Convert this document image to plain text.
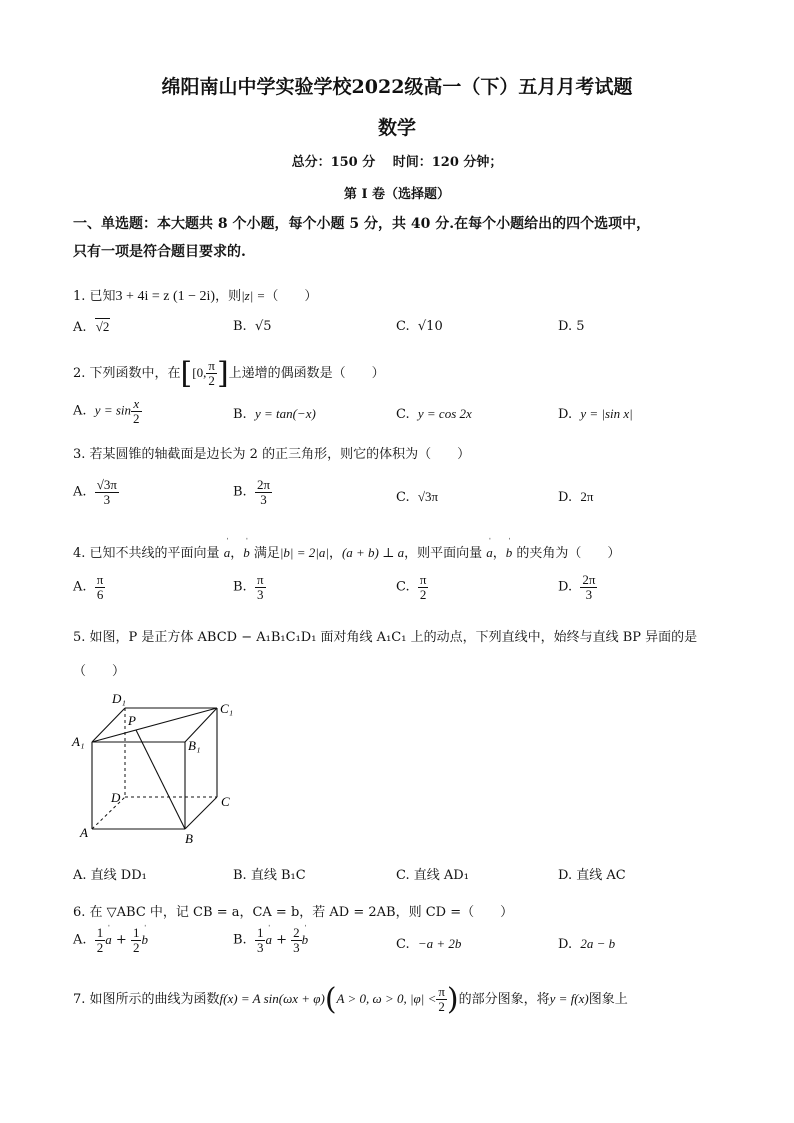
绵阳南山中学实验学校2022级高一（下）五月月考试题
数学
总分：150 分　 时间：120 分钟；
第 I 卷（选择题）
一、单选题：本大题共 8 个小题，每个小题 5 分，共 40 分.在每个小题给出的四个选项中，
只有一项是符合题目要求的.
1. 已知3 + 4i = z (1 − 2i)，则|z| =（　　）
A. √2	B. √5	C. √10	D. 5
2. 下列函数中，在[[0, $\frac{\pi}{2}$ ]上递增的偶函数是（　　）
A. $y = \sin \frac{x}{2}$	B. y = tan(−x)	C. y = cos 2x	D. y = |sin x|
3. 若某圆锥的轴截面是边长为 2 的正三角形，则它的体积为（　　）
A. $\frac{√3\pi}{3}$	B. $\frac{2\pi}{3}$	C. √3π	D. 2π
4. 已知不共线的平面向量 ˈ a，ˈ b 满足|b| = 2|a|，(a + b) ⊥ a，则平面向量 ˈ a，ˈ b 的夹角为（　　）
A. $\frac{\pi}{6}$	B. $\frac{\pi}{3}$	C. $\frac{\pi}{2}$	D. $\frac{2\pi}{3}$
5. 如图，P 是正方体 ABCD − A₁B₁C₁D₁ 面对角线 A₁C₁ 上的动点，下列直线中，始终与直线 BP 异面的是
（　　）
D₁
C₁
A₁	B₁
P
D	C
A	B
A. 直线 DD₁	B. 直线 B₁C	C. 直线 AD₁	D. 直线 AC
6. 在 ▽ABC 中，记 CB = a，CA = b，若 AD = 2AB，则 CD =（　　）
A. $\frac{1}{2}$ ˈ $a + \frac{1}{2}$ ˈ b	B. $\frac{1}{3}$ ˈ $a + \frac{2}{3}$ ˈ b	C. −a + 2b	D. 2a − b
7. 如图所示的曲线为函数f(x) = A sin(ωx + φ)(A > 0, ω > 0, $|\varphi| < \frac{\pi}{2}$ )的部分图象，将y = f(x)图象上
